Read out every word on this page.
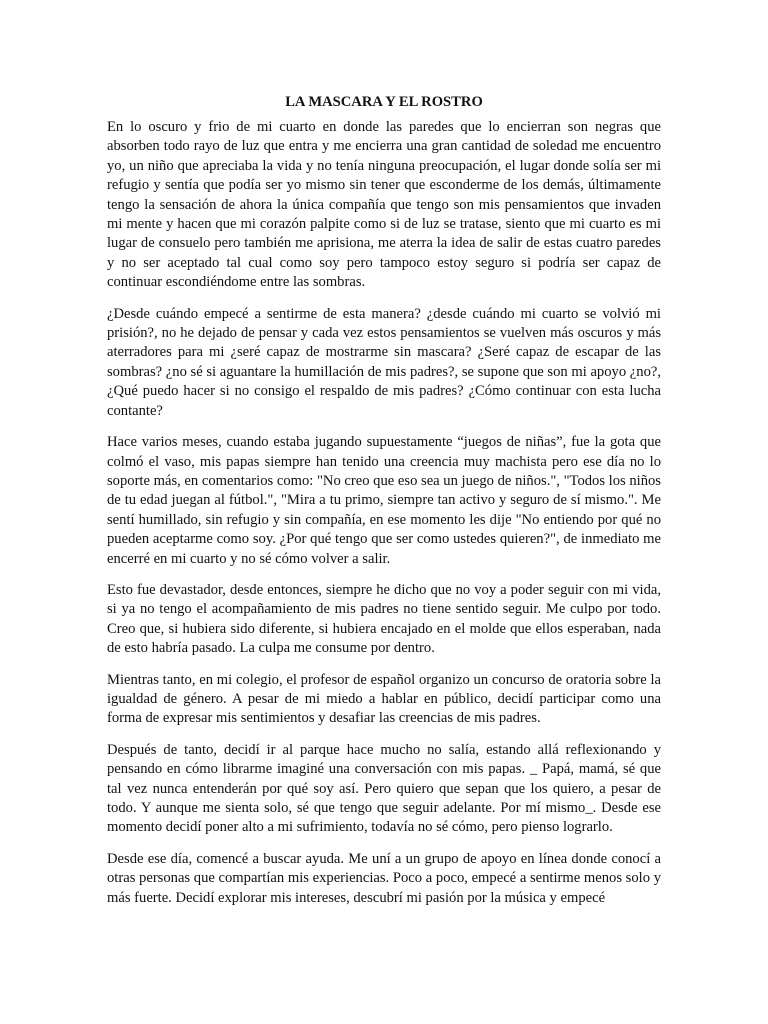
LA MASCARA Y EL ROSTRO

En lo oscuro y frio de mi cuarto en donde las paredes que lo encierran son negras que absorben todo rayo de luz que entra y me encierra una gran cantidad de soledad me encuentro yo, un niño que apreciaba la vida y no tenía ninguna preocupación, el lugar donde solía ser mi refugio y sentía que podía ser yo mismo sin tener que esconderme de los demás, últimamente tengo la sensación de ahora la única compañía que tengo son mis pensamientos que invaden mi mente y hacen que mi corazón palpite como si de luz se tratase, siento que mi cuarto es mi lugar de consuelo pero también me aprisiona, me aterra la idea de salir de estas cuatro paredes y no ser aceptado tal cual como soy pero tampoco estoy seguro si podría ser capaz de continuar escondiéndome entre las sombras.

¿Desde cuándo empecé a sentirme de esta manera? ¿desde cuándo mi cuarto se volvió mi prisión?, no he dejado de pensar y cada vez estos pensamientos se vuelven más oscuros y más aterradores para mi ¿seré capaz de mostrarme sin mascara? ¿Seré capaz de escapar de las sombras? ¿no sé si aguantare la humillación de mis padres?, se supone que son mi apoyo ¿no?, ¿Qué puedo hacer si no consigo el respaldo de mis padres? ¿Cómo continuar con esta lucha contante?

Hace varios meses, cuando estaba jugando supuestamente “juegos de niñas”, fue la gota que colmó el vaso, mis papas siempre han tenido una creencia muy machista pero ese día no lo soporte más, en comentarios como: "No creo que eso sea un juego de niños.", "Todos los niños de tu edad juegan al fútbol.", "Mira a tu primo, siempre tan activo y seguro de sí mismo.". Me sentí humillado, sin refugio y sin compañía, en ese momento les dije "No entiendo por qué no pueden aceptarme como soy. ¿Por qué tengo que ser como ustedes quieren?", de inmediato me encerré en mi cuarto y no sé cómo volver a salir.

Esto fue devastador, desde entonces, siempre he dicho que no voy a poder seguir con mi vida, si ya no tengo el acompañamiento de mis padres no tiene sentido seguir. Me culpo por todo. Creo que, si hubiera sido diferente, si hubiera encajado en el molde que ellos esperaban, nada de esto habría pasado. La culpa me consume por dentro.

Mientras tanto, en mi colegio, el profesor de español organizo un concurso de oratoria sobre la igualdad de género. A pesar de mi miedo a hablar en público, decidí participar como una forma de expresar mis sentimientos y desafiar las creencias de mis padres.

Después de tanto, decidí ir al parque hace mucho no salía, estando allá reflexionando y pensando en cómo librarme imaginé una conversación con mis papas. _ Papá, mamá, sé que tal vez nunca entenderán por qué soy así. Pero quiero que sepan que los quiero, a pesar de todo. Y aunque me sienta solo, sé que tengo que seguir adelante. Por mí mismo_. Desde ese momento decidí poner alto a mi sufrimiento, todavía no sé cómo, pero pienso lograrlo.

Desde ese día, comencé a buscar ayuda. Me uní a un grupo de apoyo en línea donde conocí a otras personas que compartían mis experiencias. Poco a poco, empecé a sentirme menos solo y más fuerte. Decidí explorar mis intereses, descubrí mi pasión por la música y empecé
